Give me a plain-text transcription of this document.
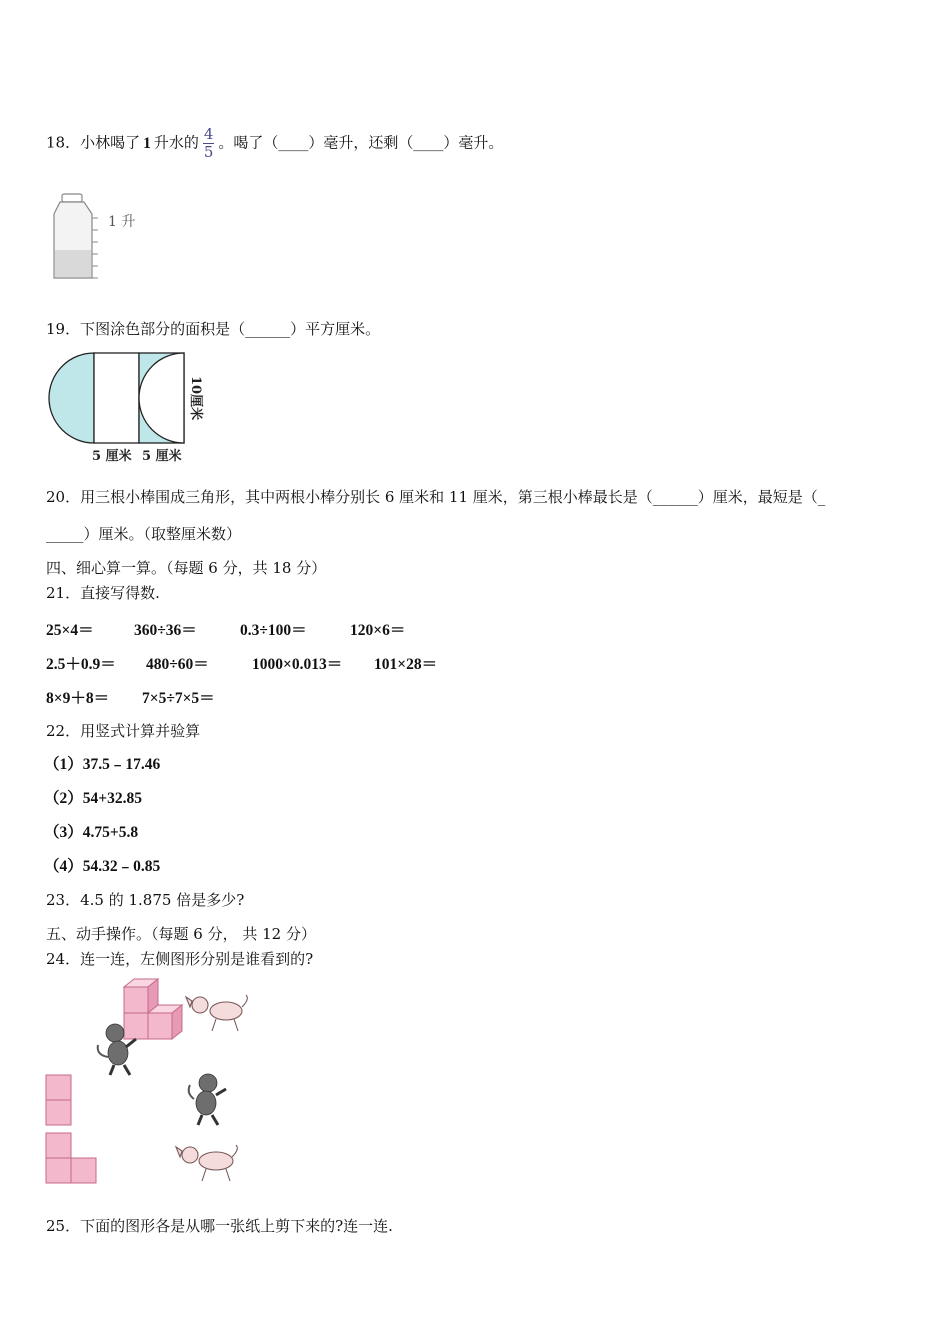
18．小林喝了 1 升水的 $\frac{4}{5}$ 。喝了（____）毫升，还剩（____）毫升。
1 升
19．下图涂色部分的面积是（______）平方厘米。
10厘米
5 厘米 5 厘米
20．用三根小棒围成三角形，其中两根小棒分别长 6 厘米和 11 厘米，第三根小棒最长是（______）厘米，最短是（_
_____）厘米。（取整厘米数）
四、细心算一算。（每题 6 分，共 18 分）
21．直接写得数.
25×4＝	360÷36＝	0.3÷100＝	120×6＝
2.5＋0.9＝ 480÷60＝	1000×0.013＝ 101×28＝
8×9＋8＝ 7×5÷7×5＝
22．用竖式计算并验算
（1）37.5﹣17.46
（2）54+32.85
（3）4.75+5.8
（4）54.32﹣0.85
23．4.5 的 1.875 倍是多少?
五、动手操作。（每题 6 分， 共 12 分）
24．连一连，左侧图形分别是谁看到的?
25．下面的图形各是从哪一张纸上剪下来的?连一连.
